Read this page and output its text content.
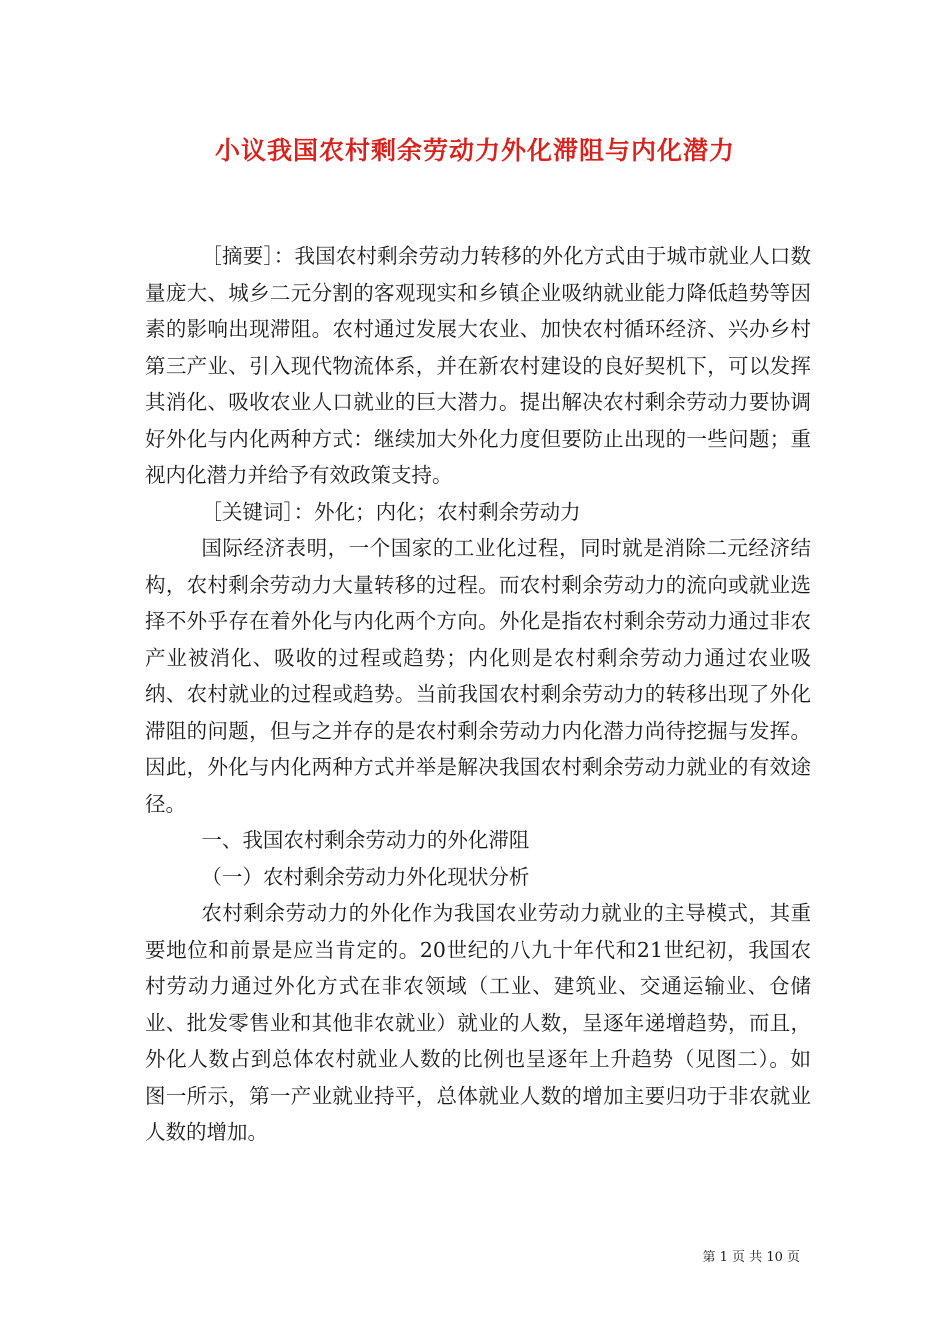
小议我国农村剩余劳动力外化滞阻与内化潜力

［摘要］：我国农村剩余劳动力转移的外化方式由于城市就业人口数量庞大、城乡二元分割的客观现实和乡镇企业吸纳就业能力降低趋势等因素的影响出现滞阻。农村通过发展大农业、加快农村循环经济、兴办乡村第三产业、引入现代物流体系，并在新农村建设的良好契机下，可以发挥其消化、吸收农业人口就业的巨大潜力。提出解决农村剩余劳动力要协调好外化与内化两种方式：继续加大外化力度但要防止出现的一些问题；重视内化潜力并给予有效政策支持。

［关键词］：外化；内化；农村剩余劳动力

国际经济表明，一个国家的工业化过程，同时就是消除二元经济结构，农村剩余劳动力大量转移的过程。而农村剩余劳动力的流向或就业选择不外乎存在着外化与内化两个方向。外化是指农村剩余劳动力通过非农产业被消化、吸收的过程或趋势；内化则是农村剩余劳动力通过农业吸纳、农村就业的过程或趋势。当前我国农村剩余劳动力的转移出现了外化滞阻的问题，但与之并存的是农村剩余劳动力内化潜力尚待挖掘与发挥。因此，外化与内化两种方式并举是解决我国农村剩余劳动力就业的有效途径。

一、我国农村剩余劳动力的外化滞阻

（一）农村剩余劳动力外化现状分析

农村剩余劳动力的外化作为我国农业劳动力就业的主导模式，其重要地位和前景是应当肯定的。20世纪的八九十年代和21世纪初，我国农村劳动力通过外化方式在非农领域（工业、建筑业、交通运输业、仓储业、批发零售业和其他非农就业）就业的人数，呈逐年递增趋势，而且，外化人数占到总体农村就业人数的比例也呈逐年上升趋势（见图二）。如图一所示，第一产业就业持平，总体就业人数的增加主要归功于非农就业人数的增加。

第 1 页 共 10 页
